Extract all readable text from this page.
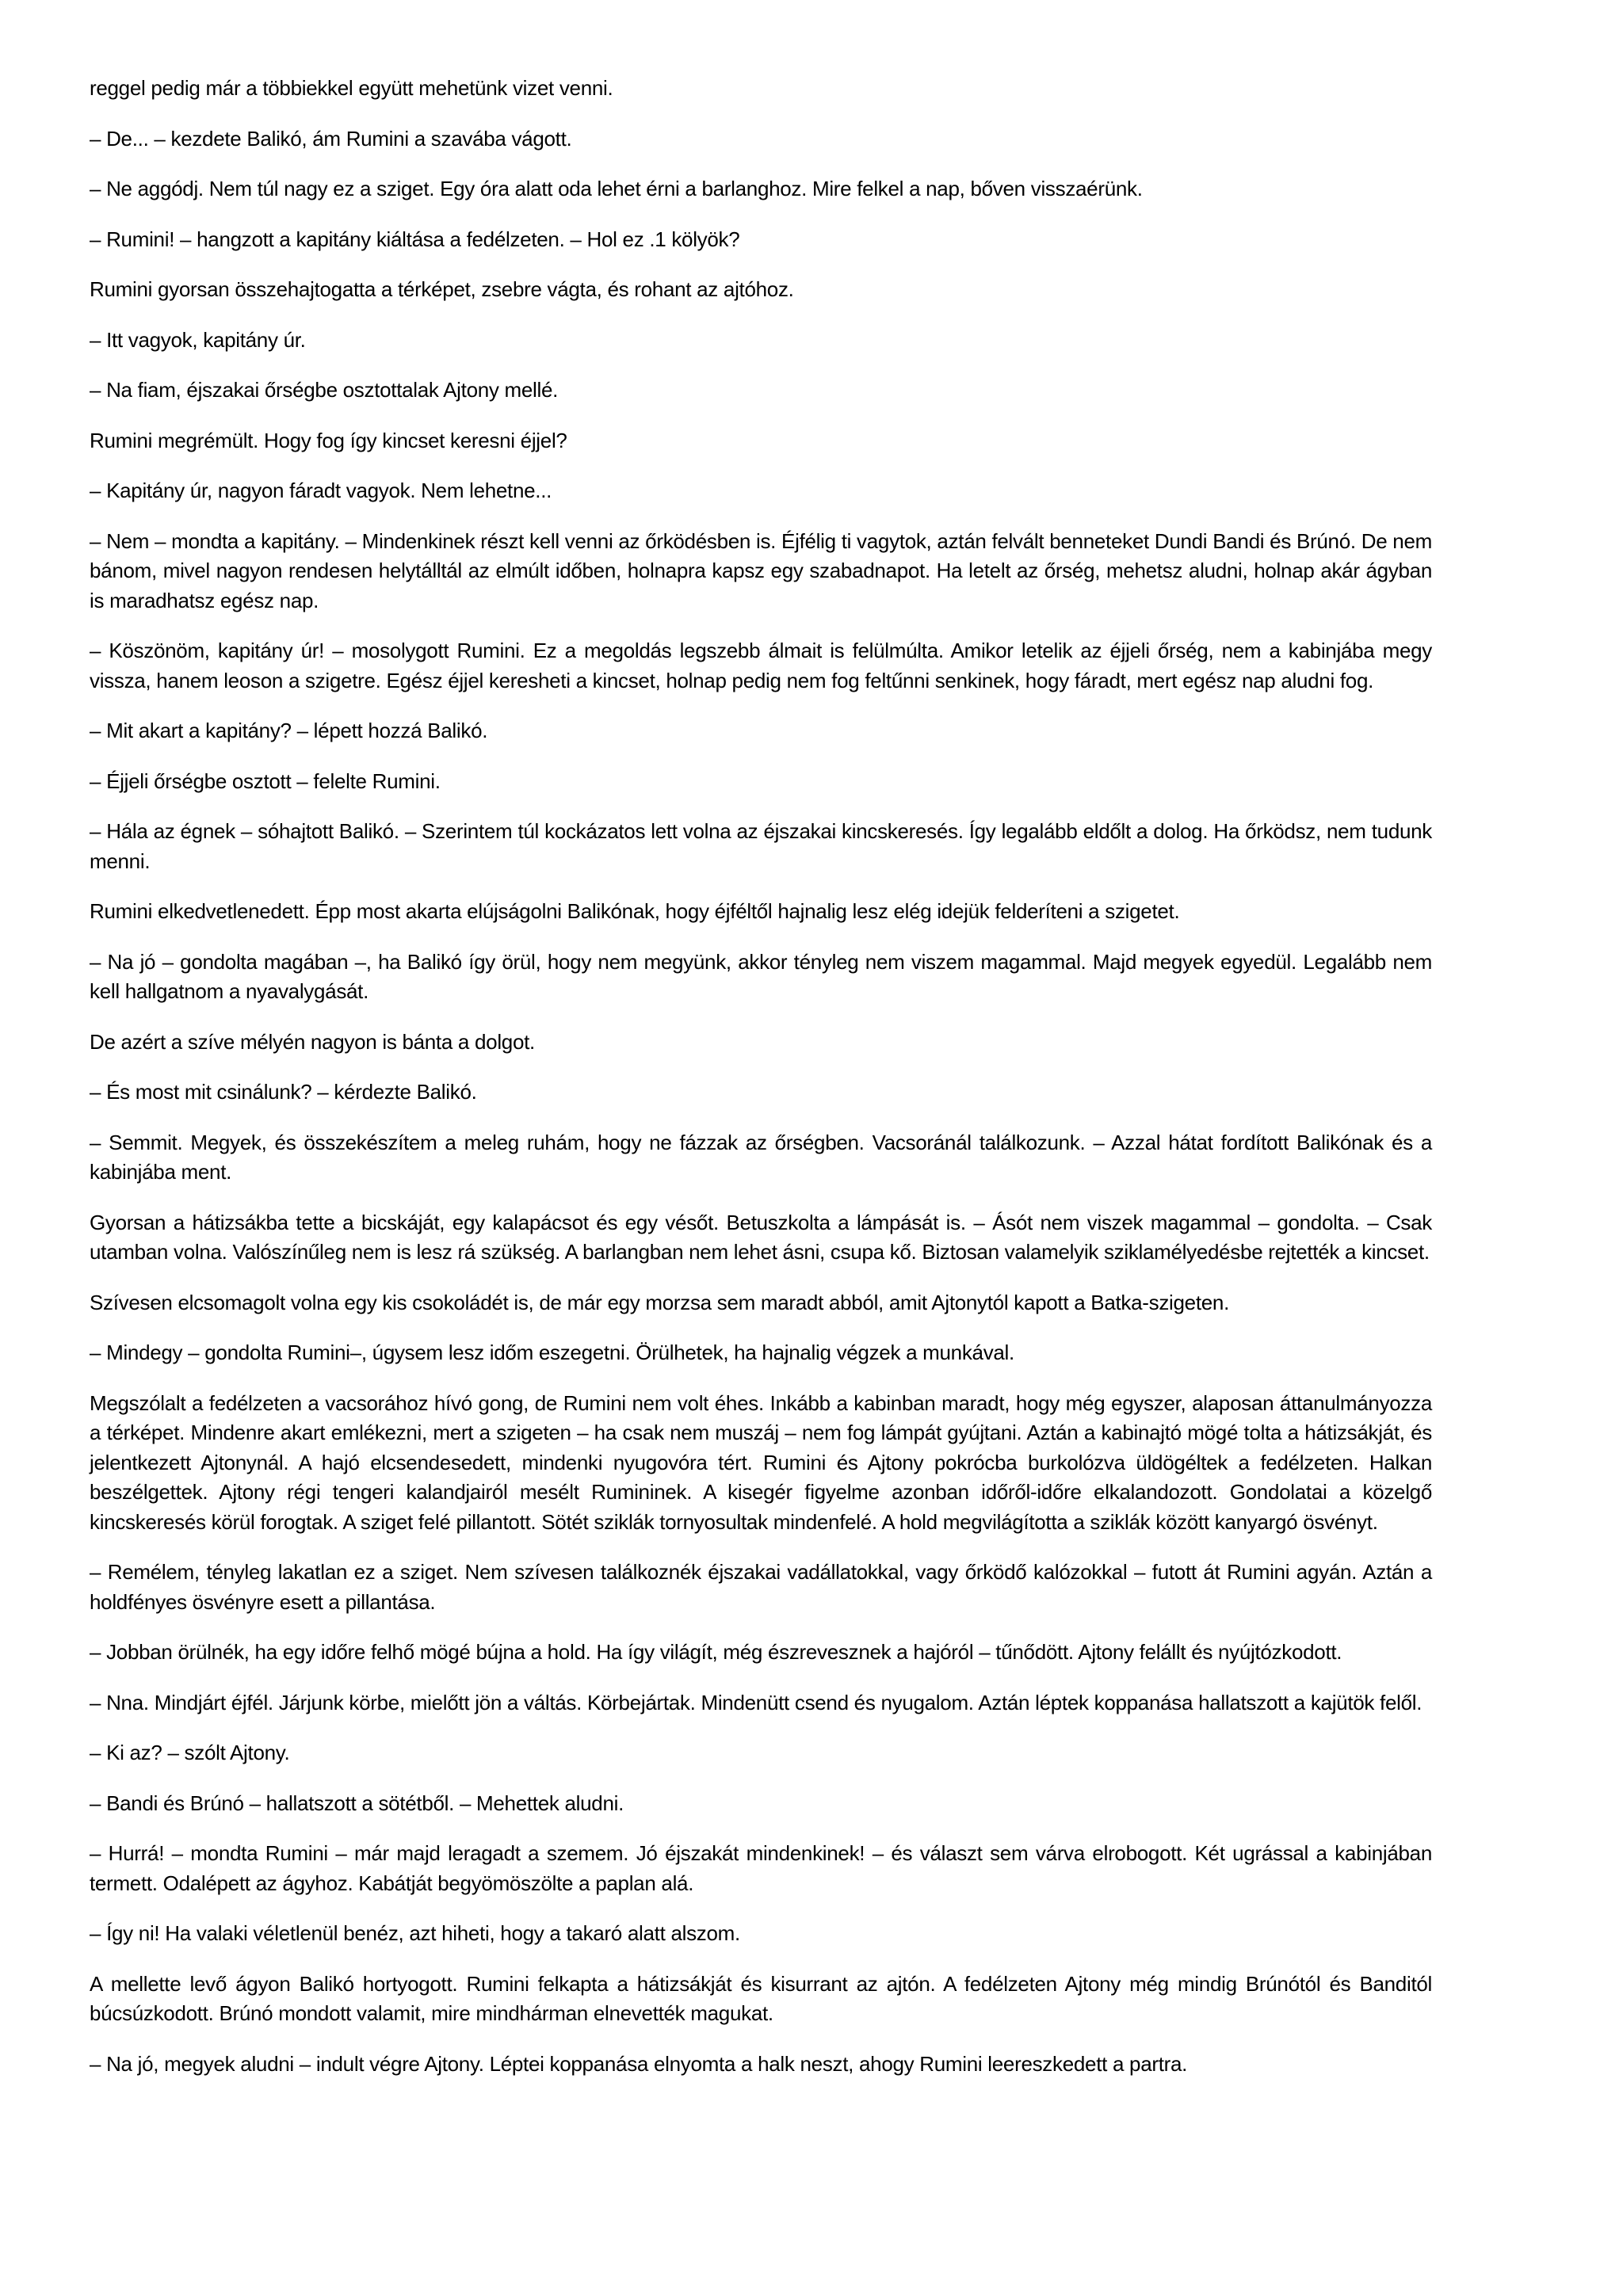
reggel pedig már a többiekkel együtt mehetünk vizet venni.

– De... – kezdete Balikó, ám Rumini a szavába vágott.

– Ne aggódj. Nem túl nagy ez a sziget. Egy óra alatt oda lehet érni a barlanghoz. Mire felkel a nap, bőven visszaérünk.

– Rumini! – hangzott a kapitány kiáltása a fedélzeten. – Hol ez .1 kölyök?

Rumini gyorsan összehajtogatta a térképet, zsebre vágta, és rohant az ajtóhoz.

– Itt vagyok, kapitány úr.

– Na fiam, éjszakai őrségbe osztottalak Ajtony mellé.

Rumini megrémült. Hogy fog így kincset keresni éjjel?

– Kapitány úr, nagyon fáradt vagyok. Nem lehetne...

– Nem – mondta a kapitány. – Mindenkinek részt kell venni az őrködésben is. Éjfélig ti vagytok, aztán felvált benneteket Dundi Bandi és Brúnó. De nem bánom, mivel nagyon rendesen helytálltál az elmúlt időben, holnapra kapsz egy szabadnapot. Ha letelt az őrség, mehetsz aludni, holnap akár ágyban is maradhatsz egész nap.

– Köszönöm, kapitány úr! – mosolygott Rumini. Ez a megoldás legszebb álmait is felülmúlta. Amikor letelik az éjjeli őrség, nem a kabinjába megy vissza, hanem leoson a szigetre. Egész éjjel keresheti a kincset, holnap pedig nem fog feltűnni senkinek, hogy fáradt, mert egész nap aludni fog.

– Mit akart a kapitány? – lépett hozzá Balikó.

– Éjjeli őrségbe osztott – felelte Rumini.

– Hála az égnek – sóhajtott Balikó. – Szerintem túl kockázatos lett volna az éjszakai kincskeresés. Így legalább eldőlt a dolog. Ha őrködsz, nem tudunk menni.

Rumini elkedvetlenedett. Épp most akarta elújságolni Balikónak, hogy éjféltől hajnalig lesz elég idejük felderíteni a szigetet.

– Na jó – gondolta magában –, ha Balikó így örül, hogy nem megyünk, akkor tényleg nem viszem magammal. Majd megyek egyedül. Legalább nem kell hallgatnom a nyavalygását.

De azért a szíve mélyén nagyon is bánta a dolgot.

– És most mit csinálunk? – kérdezte Balikó.

– Semmit. Megyek, és összekészítem a meleg ruhám, hogy ne fázzak az őrségben. Vacsoránál találkozunk. – Azzal hátat fordított Balikónak és a kabinjába ment.

Gyorsan a hátizsákba tette a bicskáját, egy kalapácsot és egy vésőt. Betuszkolta a lámpását is. – Ásót nem viszek magammal – gondolta. – Csak utamban volna. Valószínűleg nem is lesz rá szükség. A barlangban nem lehet ásni, csupa kő. Biztosan valamelyik sziklamélyedésbe rejtették a kincset.

Szívesen elcsomagolt volna egy kis csokoládét is, de már egy morzsa sem maradt abból, amit Ajtonytól kapott a Batka-szigeten.

– Mindegy – gondolta Rumini–, úgysem lesz időm eszegetni. Örülhetek, ha hajnalig végzek a munkával.

Megszólalt a fedélzeten a vacsorához hívó gong, de Rumini nem volt éhes. Inkább a kabinban maradt, hogy még egyszer, alaposan áttanulmányozza a térképet. Mindenre akart emlékezni, mert a szigeten – ha csak nem muszáj – nem fog lámpát gyújtani. Aztán a kabinajtó mögé tolta a hátizsákját, és jelentkezett Ajtonynál. A hajó elcsendesedett, mindenki nyugovóra tért. Rumini és Ajtony pokrócba burkolózva üldögéltek a fedélzeten. Halkan beszélgettek. Ajtony régi tengeri kalandjairól mesélt Rumininek. A kisegér figyelme azonban időről-időre elkalandozott. Gondolatai a közelgő kincskeresés körül forogtak. A sziget felé pillantott. Sötét sziklák tornyosultak mindenfelé. A hold megvilágította a sziklák között kanyargó ösvényt.

– Remélem, tényleg lakatlan ez a sziget. Nem szívesen találkoznék éjszakai vadállatokkal, vagy őrködő kalózokkal – futott át Rumini agyán. Aztán a holdfényes ösvényre esett a pillantása.

– Jobban örülnék, ha egy időre felhő mögé bújna a hold. Ha így világít, még észrevesznek a hajóról – tűnődött. Ajtony felállt és nyújtózkodott.

– Nna. Mindjárt éjfél. Járjunk körbe, mielőtt jön a váltás. Körbejártak. Mindenütt csend és nyugalom. Aztán léptek koppanása hallatszott a kajütök felől.

– Ki az? – szólt Ajtony.

– Bandi és Brúnó – hallatszott a sötétből. – Mehettek aludni.

– Hurrá! – mondta Rumini – már majd leragadt a szemem. Jó éjszakát mindenkinek! – és választ sem várva elrobogott. Két ugrással a kabinjában termett. Odalépett az ágyhoz. Kabátját begyömöszölte a paplan alá.

– Így ni! Ha valaki véletlenül benéz, azt hiheti, hogy a takaró alatt alszom.

A mellette levő ágyon Balikó hortyogott. Rumini felkapta a hátizsákját és kisurrant az ajtón. A fedélzeten Ajtony még mindig Brúnótól és Banditól búcsúzkodott. Brúnó mondott valamit, mire mindhárman elnevették magukat.

– Na jó, megyek aludni – indult végre Ajtony. Léptei koppanása elnyomta a halk neszt, ahogy Rumini leereszkedett a partra.
